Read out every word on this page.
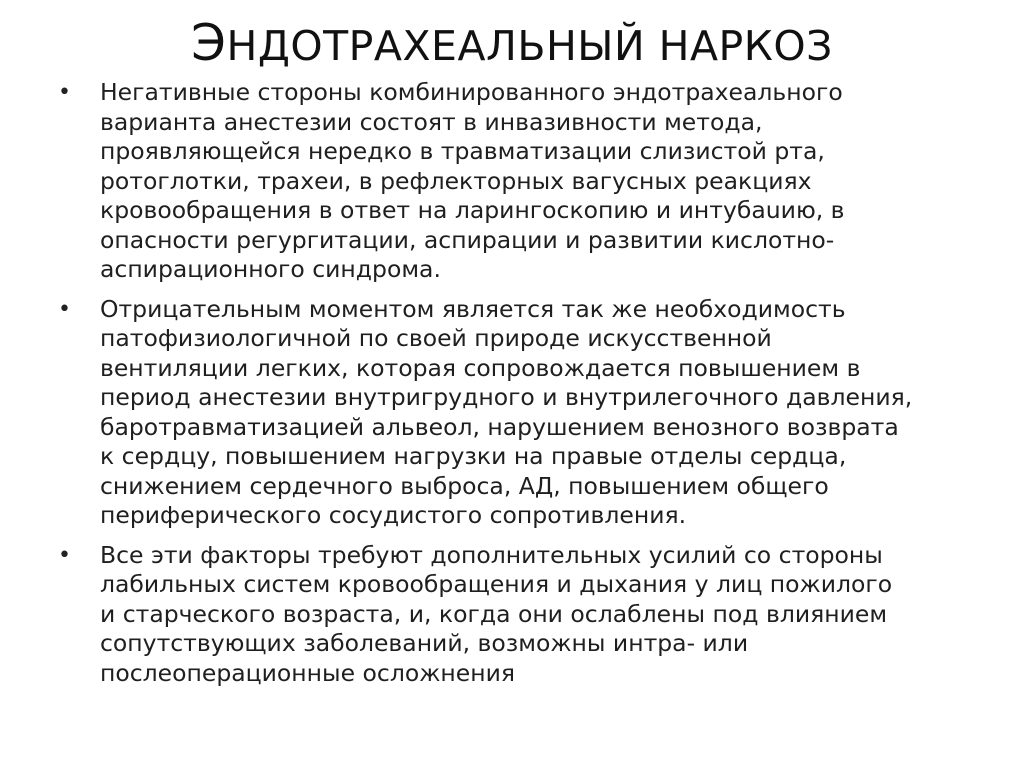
ЭНДОТРАХЕАЛЬНЫЙ НАРКОЗ
• Негативные стороны комбинированного эндотрахеального
варианта анестезии состоят в инвазивности метода,
проявляющейся нередко в травматизации слизистой рта,
ротоглотки, трахеи, в рефлекторных вагусных реакциях
кровообращения в ответ на ларингоскопию и интубаuию, в
опасности регургитации, аспирации и развитии кислотно-
аспирационного синдрома.
• Отрицательным моментом является так же необходимость
патофизиологичной по своей природе искусственной
вентиляции легких, которая сопровождается повышением в
период анестезии внутригрудного и внутрилегочного давления,
баротравматизацией альвеол, нарушением венозного возврата
к сердцу, повышением нагрузки на правые отделы сердца,
снижением сердечного выброса, АД, повышением общего
периферического сосудистого сопротивления.
• Все эти факторы требуют дополнительных усилий со стороны
лабильных систем кровообращения и дыхания у лиц пожилого
и старческого возраста, и, когда они ослаблены под влиянием
сопутствующих заболеваний, возможны интра- или
послеоперационные осложнения
